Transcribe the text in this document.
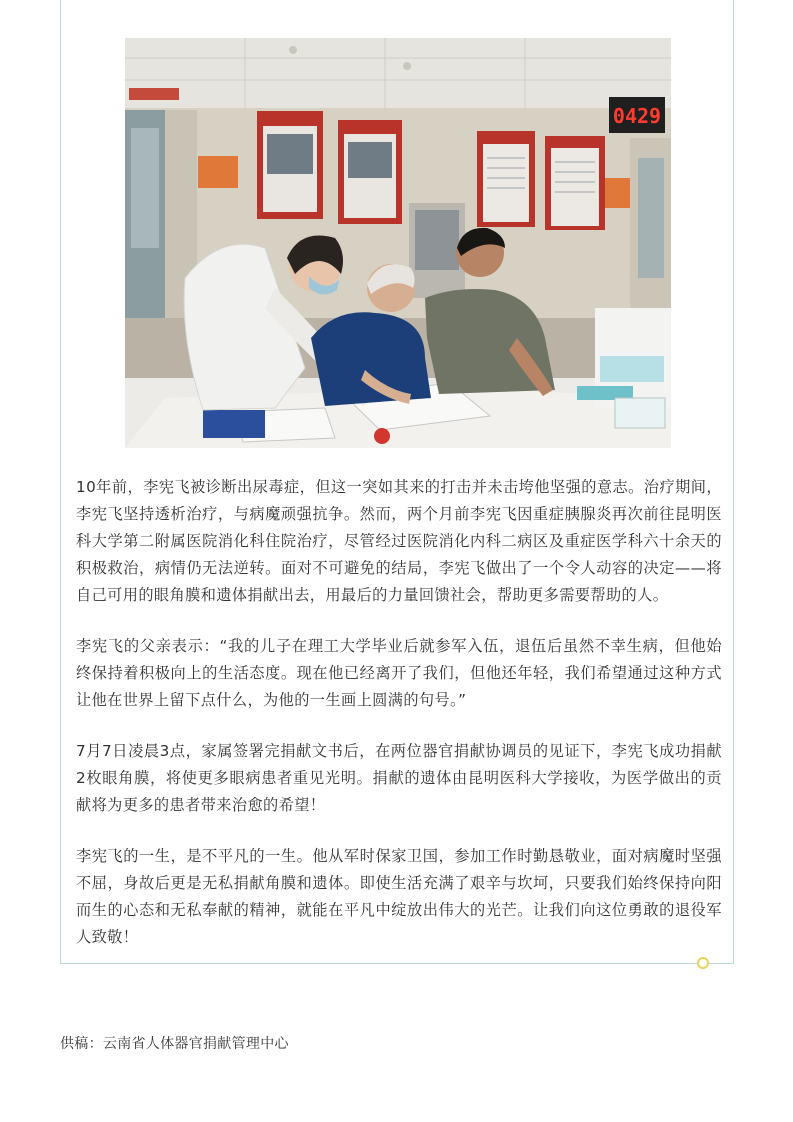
0429

10年前，李宪飞被诊断出尿毒症，但这一突如其来的打击并未击垮他坚强的意志。治疗期间，李宪飞坚持透析治疗，与病魔顽强抗争。然而，两个月前李宪飞因重症胰腺炎再次前往昆明医科大学第二附属医院消化科住院治疗，尽管经过医院消化内科二病区及重症医学科六十余天的积极救治，病情仍无法逆转。面对不可避免的结局，李宪飞做出了一个令人动容的决定——将自己可用的眼角膜和遗体捐献出去，用最后的力量回馈社会，帮助更多需要帮助的人。

李宪飞的父亲表示：“我的儿子在理工大学毕业后就参军入伍，退伍后虽然不幸生病，但他始终保持着积极向上的生活态度。现在他已经离开了我们，但他还年轻，我们希望通过这种方式让他在世界上留下点什么，为他的一生画上圆满的句号。”

7月7日凌晨3点，家属签署完捐献文书后，在两位器官捐献协调员的见证下，李宪飞成功捐献2枚眼角膜，将使更多眼病患者重见光明。捐献的遗体由昆明医科大学接收，为医学做出的贡献将为更多的患者带来治愈的希望！

李宪飞的一生，是不平凡的一生。他从军时保家卫国，参加工作时勤恳敬业，面对病魔时坚强不屈，身故后更是无私捐献角膜和遗体。即使生活充满了艰辛与坎坷，只要我们始终保持向阳而生的心态和无私奉献的精神，就能在平凡中绽放出伟大的光芒。让我们向这位勇敢的退役军人致敬！

供稿：云南省人体器官捐献管理中心
